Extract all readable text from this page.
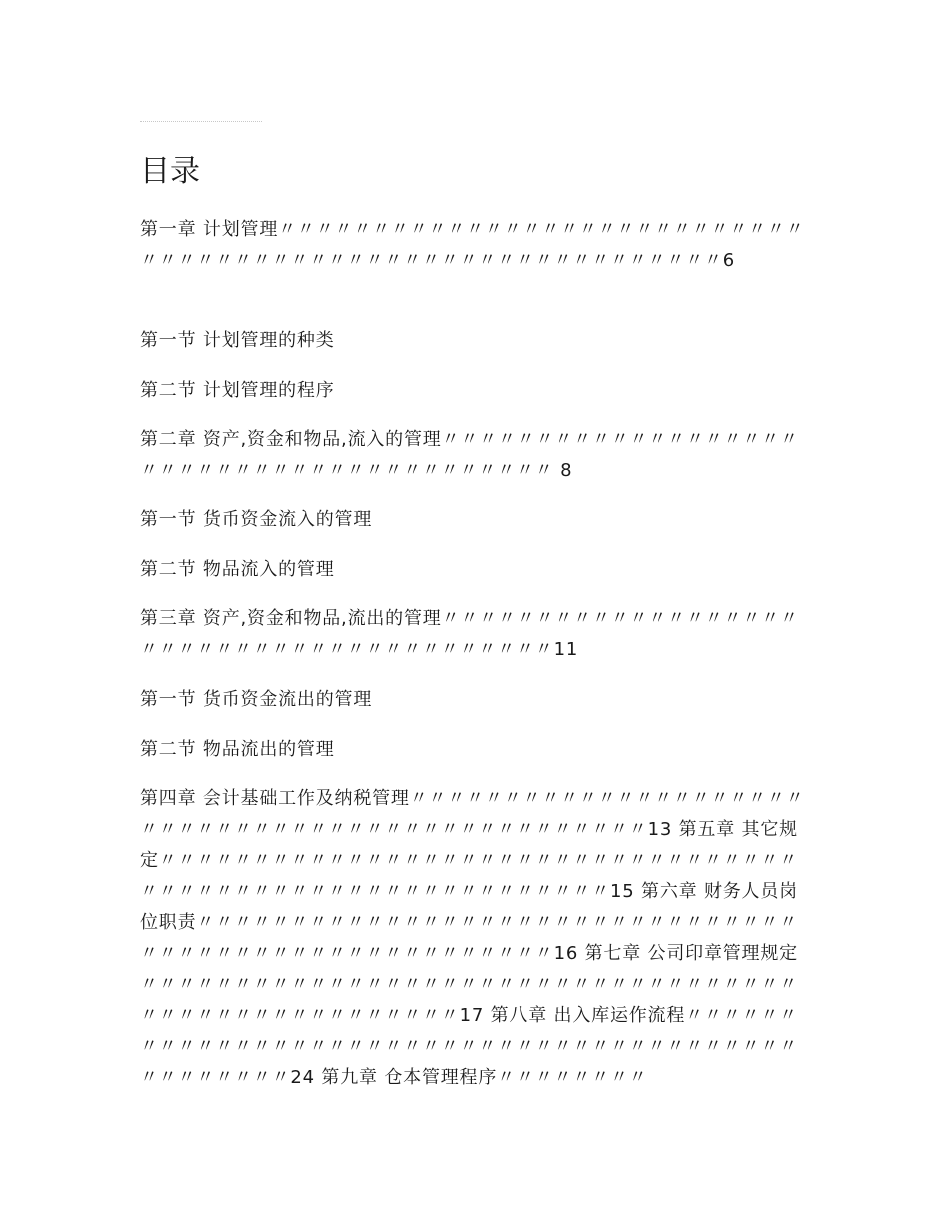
目录

第一章 计划管理〃〃〃〃〃〃〃〃〃〃〃〃〃〃〃〃〃〃〃〃〃〃〃〃〃〃〃〃〃〃〃〃〃〃〃〃〃〃〃〃〃〃〃〃〃〃〃〃〃〃〃〃〃〃〃〃〃〃〃6

第一节 计划管理的种类

第二节 计划管理的程序

第二章 资产,资金和物品,流入的管理〃〃〃〃〃〃〃〃〃〃〃〃〃〃〃〃〃〃〃〃〃〃〃〃〃〃〃〃〃〃〃〃〃〃〃〃〃〃〃〃〃 8

第一节 货币资金流入的管理

第二节 物品流入的管理

第三章 资产,资金和物品,流出的管理〃〃〃〃〃〃〃〃〃〃〃〃〃〃〃〃〃〃〃〃〃〃〃〃〃〃〃〃〃〃〃〃〃〃〃〃〃〃〃〃〃11

第一节 货币资金流出的管理

第二节 物品流出的管理

第四章 会计基础工作及纳税管理〃〃〃〃〃〃〃〃〃〃〃〃〃〃〃〃〃〃〃〃〃〃〃〃〃〃〃〃〃〃〃〃〃〃〃〃〃〃〃〃〃〃〃〃〃〃〃〃13 第五章 其它规定〃〃〃〃〃〃〃〃〃〃〃〃〃〃〃〃〃〃〃〃〃〃〃〃〃〃〃〃〃〃〃〃〃〃〃〃〃〃〃〃〃〃〃〃〃〃〃〃〃〃〃〃〃〃〃〃〃〃〃15 第六章 财务人员岗位职责〃〃〃〃〃〃〃〃〃〃〃〃〃〃〃〃〃〃〃〃〃〃〃〃〃〃〃〃〃〃〃〃〃〃〃〃〃〃〃〃〃〃〃〃〃〃〃〃〃〃〃〃〃〃16 第七章 公司印章管理规定〃〃〃〃〃〃〃〃〃〃〃〃〃〃〃〃〃〃〃〃〃〃〃〃〃〃〃〃〃〃〃〃〃〃〃〃〃〃〃〃〃〃〃〃〃〃〃〃〃〃〃〃17 第八章 出入库运作流程〃〃〃〃〃〃〃〃〃〃〃〃〃〃〃〃〃〃〃〃〃〃〃〃〃〃〃〃〃〃〃〃〃〃〃〃〃〃〃〃〃〃〃〃〃〃〃〃〃24 第九章 仓本管理程序〃〃〃〃〃〃〃〃
